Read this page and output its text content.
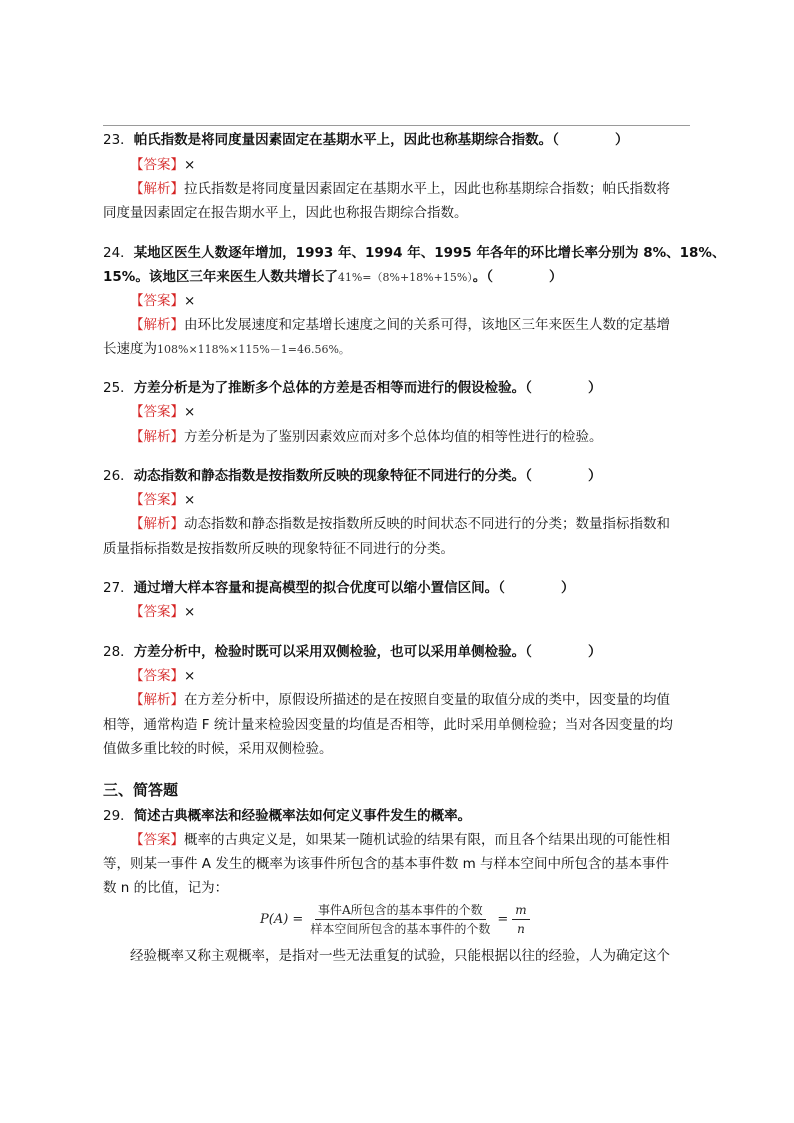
23．帕氏指数是将同度量因素固定在基期水平上，因此也称基期综合指数。（	）
【答案】×
【解析】拉氏指数是将同度量因素固定在基期水平上，因此也称基期综合指数；帕氏指数将
同度量因素固定在报告期水平上，因此也称报告期综合指数。
24．某地区医生人数逐年增加，1993 年、1994 年、1995 年各年的环比增长率分别为 8%、18%、
15%。该地区三年来医生人数共增长了41%=（8%+18%+15%）。（	）
【答案】×
【解析】由环比发展速度和定基增长速度之间的关系可得，该地区三年来医生人数的定基增
长速度为108%×118%×115%－1=46.56%。
25．方差分析是为了推断多个总体的方差是否相等而进行的假设检验。（	）
【答案】×
【解析】方差分析是为了鉴别因素效应而对多个总体均值的相等性进行的检验。
26．动态指数和静态指数是按指数所反映的现象特征不同进行的分类。（	）
【答案】×
【解析】动态指数和静态指数是按指数所反映的时间状态不同进行的分类；数量指标指数和
质量指标指数是按指数所反映的现象特征不同进行的分类。
27．通过增大样本容量和提高模型的拟合优度可以缩小置信区间。（	）
【答案】×
28．方差分析中，检验时既可以采用双侧检验，也可以采用单侧检验。（	）
【答案】×
【解析】在方差分析中，原假设所描述的是在按照自变量的取值分成的类中，因变量的均值
相等，通常构造 F 统计量来检验因变量的均值是否相等，此时采用单侧检验；当对各因变量的均
值做多重比较的时候，采用双侧检验。
三、简答题
29．简述古典概率法和经验概率法如何定义事件发生的概率。
【答案】概率的古典定义是，如果某一随机试验的结果有限，而且各个结果出现的可能性相
等，则某一事件 A 发生的概率为该事件所包含的基本事件数 m 与样本空间中所包含的基本事件
数 n 的比值，记为：
$P(A) = \frac{\text{事件A所包含的基本事件的个数}}{\text{样本空间所包含的基本事件的个数}} = \frac{m}{n}$
经验概率又称主观概率，是指对一些无法重复的试验，只能根据以往的经验，人为确定这个
